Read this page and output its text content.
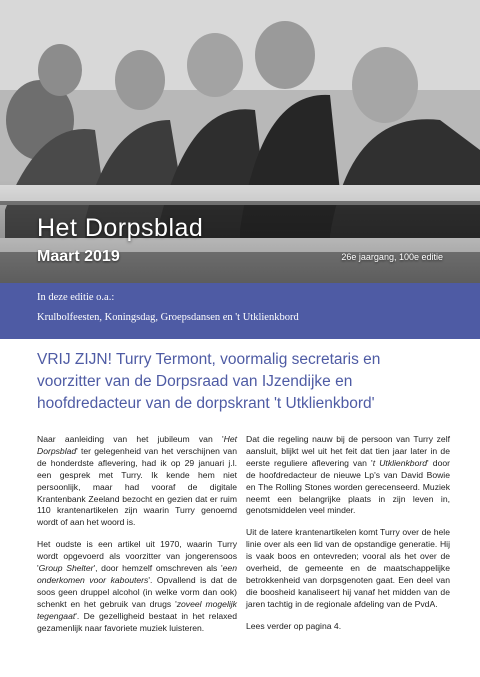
Het Dorpsblad
Maart 2019	26e jaargang, 100e editie
In deze editie o.a.:
Krulbolfeesten, Koningsdag, Groepsdansen en 't Utklienkbord
VRIJ ZIJN! Turry Termont, voormalig secretaris en voorzitter van de Dorpsraad van IJzendijke en hoofdredacteur van de dorpskrant 't Utklienkbord'

Naar aanleiding van het jubileum van 'Het Dorpsblad' ter gelegenheid van het verschijnen van de honderdste aflevering, had ik op 29 januari j.l. een gesprek met Turry. Ik kende hem niet persoonlijk, maar had vooraf de digitale Krantenbank Zeeland bezocht en gezien dat er ruim 110 krantenartikelen zijn waarin Turry genoemd wordt of aan het woord is.

Het oudste is een artikel uit 1970, waarin Turry wordt opgevoerd als voorzitter van jongerensoos 'Group Shelter', door hemzelf omschreven als 'een onderkomen voor kabouters'. Opvallend is dat de soos geen druppel alcohol (in welke vorm dan ook) schenkt en het gebruik van drugs 'zoveel mogelijk tegengaat'. De gezelligheid bestaat in het relaxed gezamenlijk naar favoriete muziek luisteren.

Dat die regeling nauw bij de persoon van Turry zelf aansluit, blijkt wel uit het feit dat tien jaar later in de eerste reguliere aflevering van 't Utklienkbord' door de hoofdredacteur de nieuwe Lp's van David Bowie en The Rolling Stones worden gerecenseerd. Muziek neemt een belangrijke plaats in zijn leven in, genotsmiddelen veel minder.

Uit de latere krantenartikelen komt Turry over de hele linie over als een lid van de opstandige generatie. Hij is vaak boos en ontevreden; vooral als het over de overheid, de gemeente en de maatschappelijke betrokkenheid van dorpsgenoten gaat. Een deel van die boosheid kanaliseert hij vanaf het midden van de jaren tachtig in de regionale afdeling van de PvdA.

Lees verder op pagina 4.
